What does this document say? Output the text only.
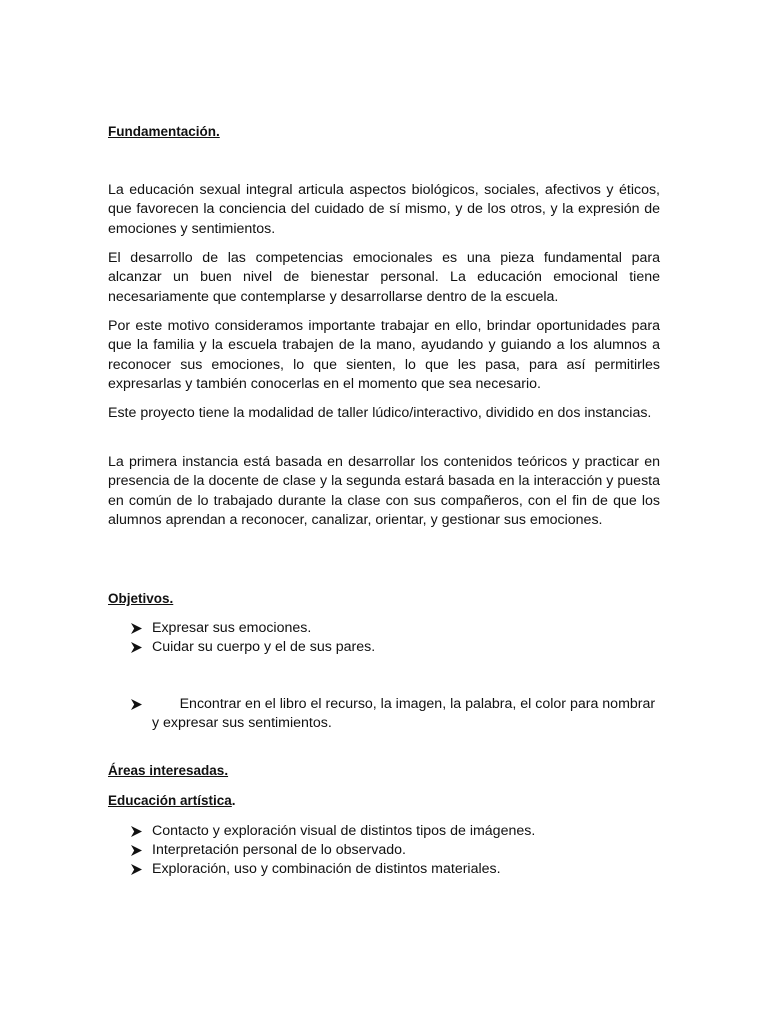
Fundamentación.

La educación sexual integral articula aspectos biológicos, sociales, afectivos y éticos, que favorecen la conciencia del cuidado de sí mismo, y de los otros, y la expresión de emociones y sentimientos.

El desarrollo de las competencias emocionales es una pieza fundamental para alcanzar un buen nivel de bienestar personal. La educación emocional tiene necesariamente que contemplarse y desarrollarse dentro de la escuela.

Por este motivo consideramos importante trabajar en ello, brindar oportunidades para que la familia y la escuela trabajen de la mano, ayudando y guiando a los alumnos a reconocer sus emociones, lo que sienten, lo que les pasa, para así permitirles expresarlas y también conocerlas en el momento que sea necesario.

Este proyecto tiene la modalidad de taller lúdico/interactivo, dividido en dos instancias.

La primera instancia está basada en desarrollar los contenidos teóricos y practicar en presencia de la docente de clase y la segunda estará basada en la interacción y puesta en común de lo trabajado durante la clase con sus compañeros, con el fin de que los alumnos aprendan a reconocer, canalizar, orientar, y gestionar sus emociones.

Objetivos.
Expresar sus emociones.
Cuidar su cuerpo y el de sus pares.

Encontrar en el libro el recurso, la imagen, la palabra, el color para nombrar y expresar sus sentimientos.

Áreas interesadas.
Educación artística.
Contacto y exploración visual de distintos tipos de imágenes.
Interpretación personal de lo observado.
Exploración, uso y combinación de distintos materiales.
